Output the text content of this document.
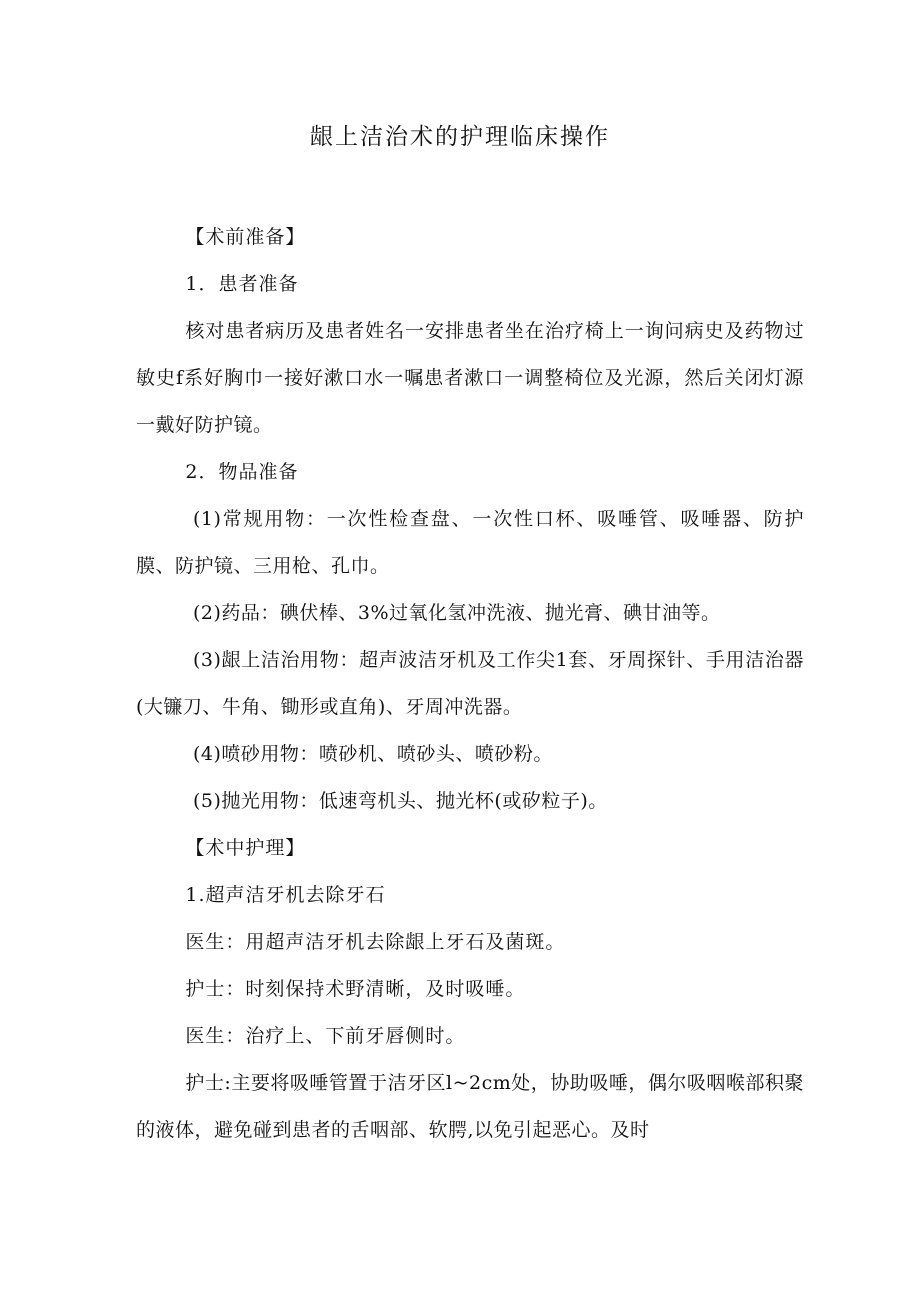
龈上洁治术的护理临床操作

【术前准备】

1．患者准备

核对患者病历及患者姓名一安排患者坐在治疗椅上一询问病史及药物过敏史f系好胸巾一接好漱口水一嘱患者漱口一调整椅位及光源，然后关闭灯源一戴好防护镜。

2．物品准备

(1)常规用物：一次性检查盘、一次性口杯、吸唾管、吸唾器、防护膜、防护镜、三用枪、孔巾。

(2)药品：碘伏棒、3%过氧化氢冲洗液、抛光膏、碘甘油等。

(3)龈上洁治用物：超声波洁牙机及工作尖1套、牙周探针、手用洁治器(大镰刀、牛角、锄形或直角)、牙周冲洗器。

(4)喷砂用物：喷砂机、喷砂头、喷砂粉。

(5)抛光用物：低速弯机头、抛光杯(或矽粒子)。

【术中护理】

1.超声洁牙机去除牙石

医生：用超声洁牙机去除龈上牙石及菌斑。

护士：时刻保持术野清晰，及时吸唾。

医生：治疗上、下前牙唇侧时。

护士:主要将吸唾管置于洁牙区l~2cm处，协助吸唾，偶尔吸咽喉部积聚的液体，避免碰到患者的舌咽部、软腭,以免引起恶心。及时
